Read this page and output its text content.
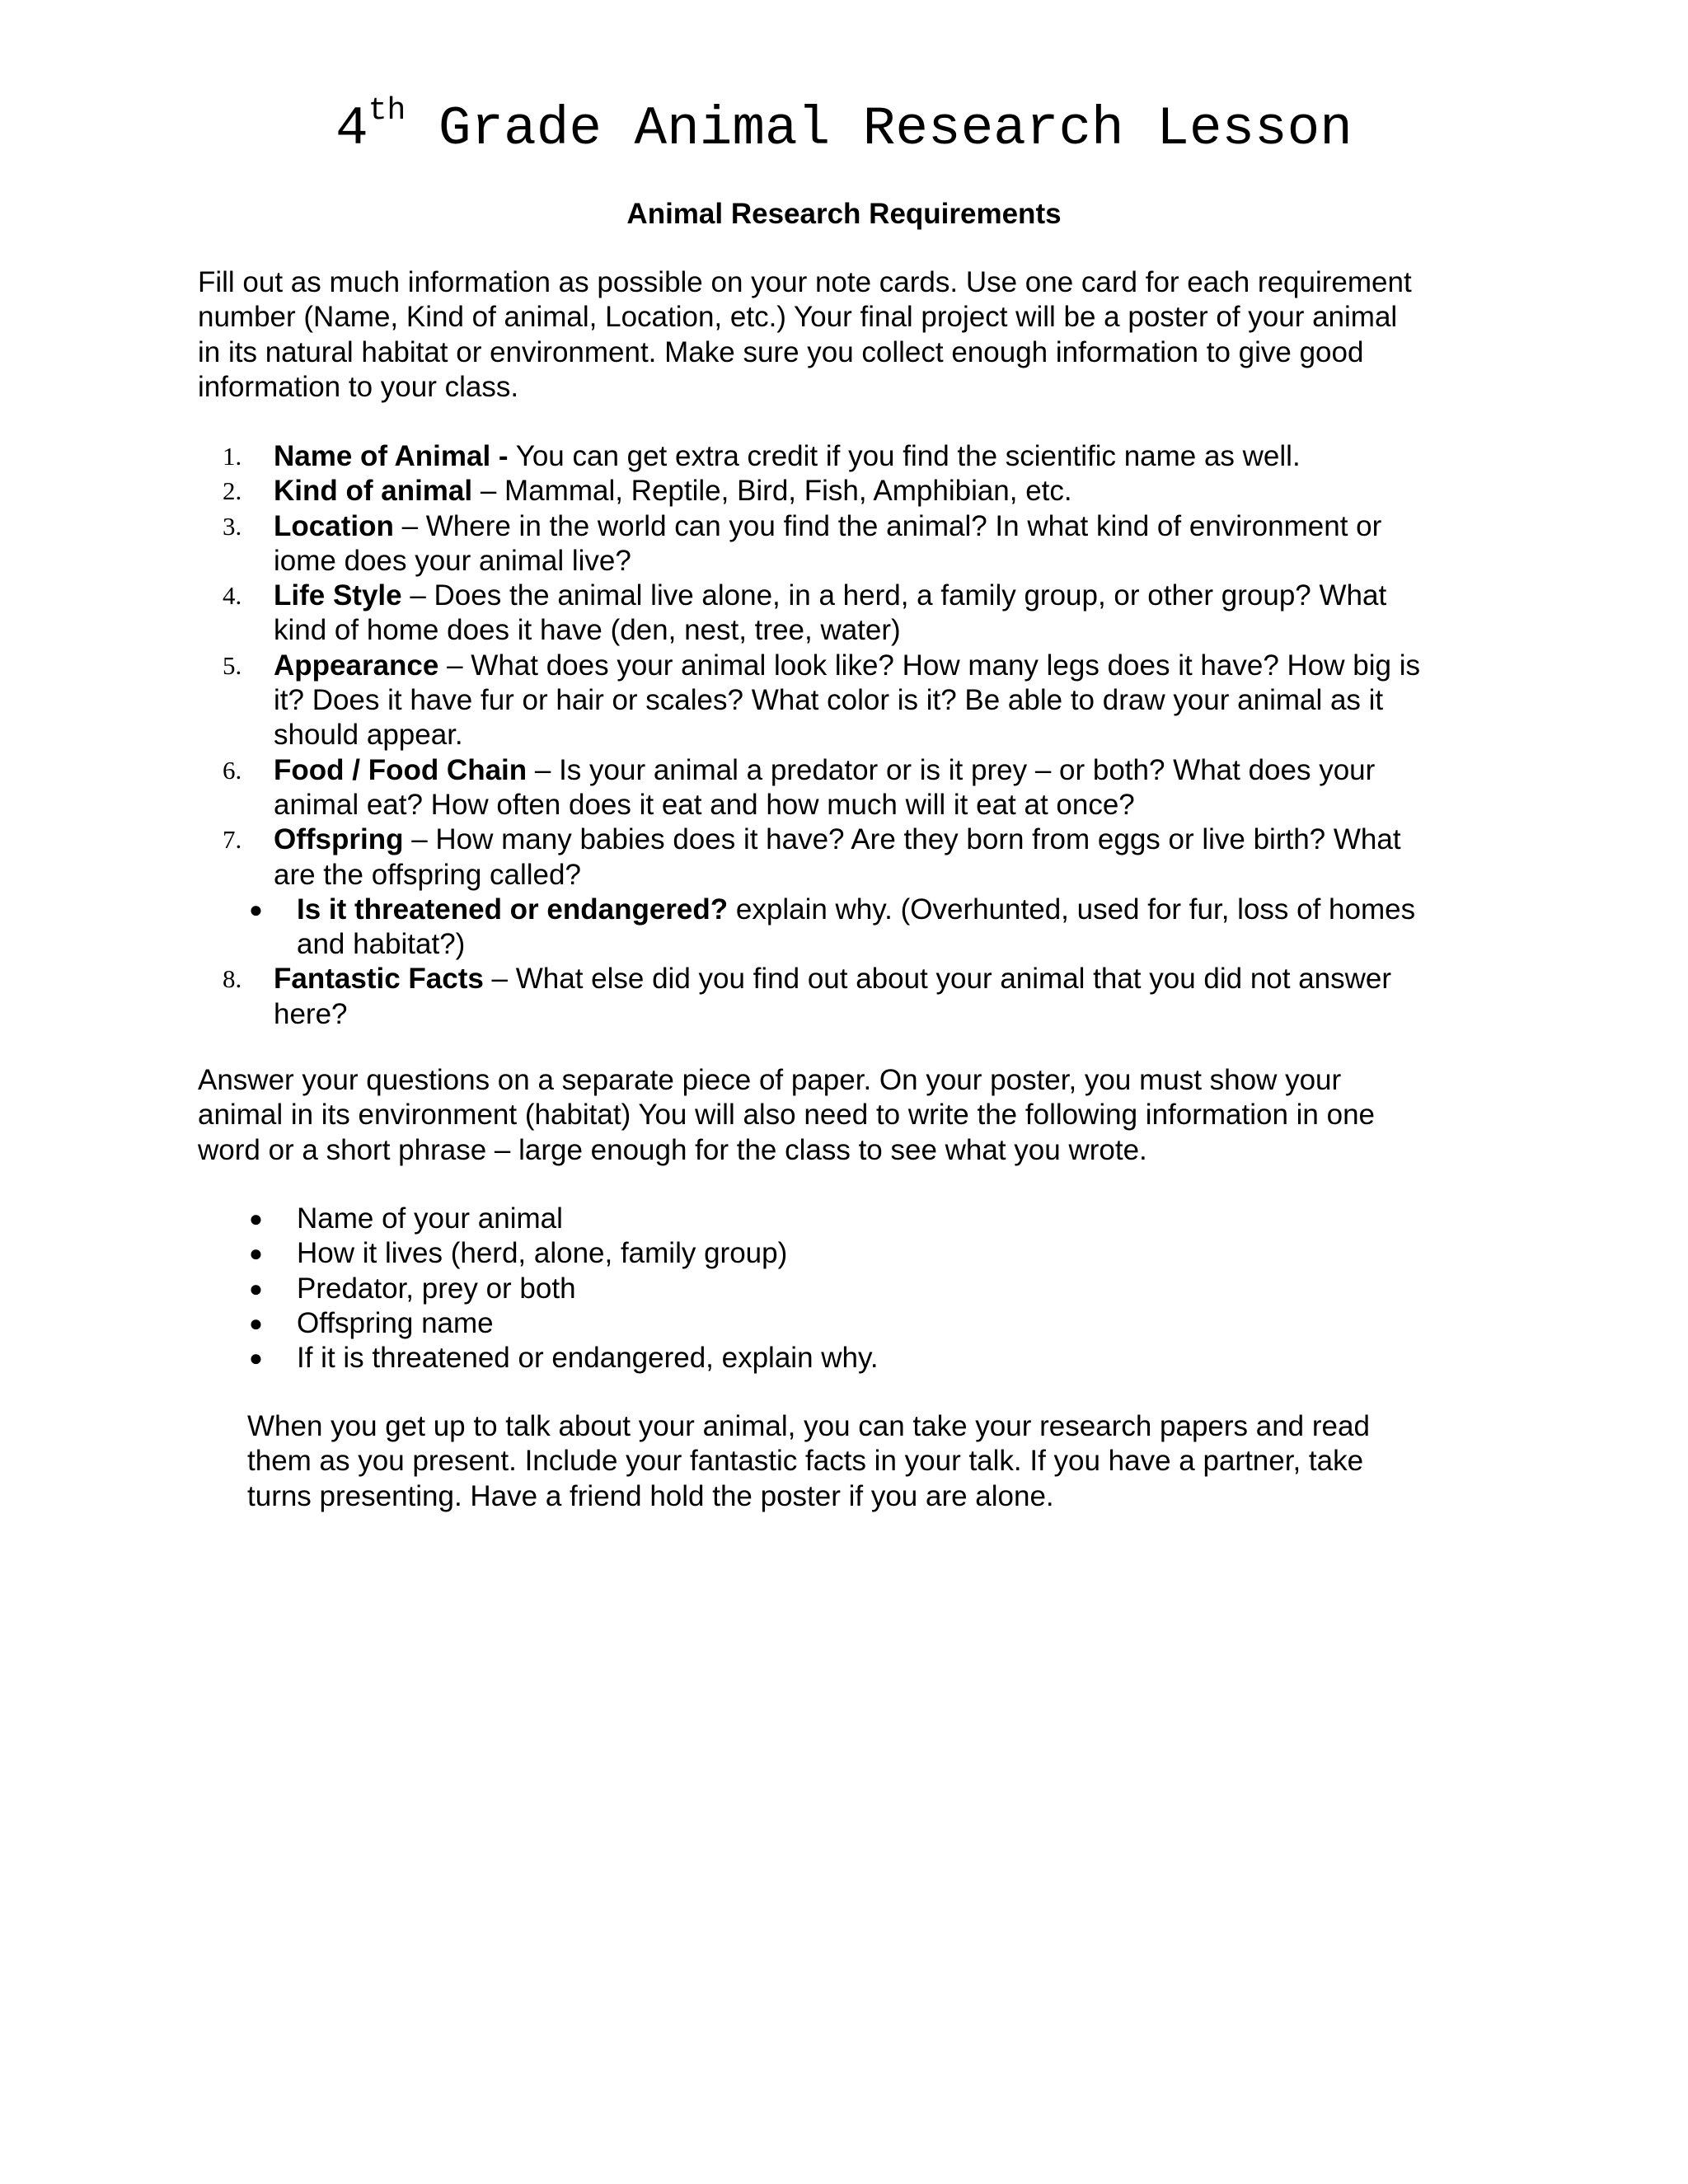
4th Grade Animal Research Lesson
Animal Research Requirements
Fill out as much information as possible on your note cards. Use one card for each requirement
number (Name, Kind of animal, Location, etc.) Your final project will be a poster of your animal
in its natural habitat or environment. Make sure you collect enough information to give good
information to your class.
1. Name of Animal - You can get extra credit if you find the scientific name as well.
2. Kind of animal – Mammal, Reptile, Bird, Fish, Amphibian, etc.
3. Location – Where in the world can you find the animal? In what kind of environment or
iome does your animal live?
4. Life Style – Does the animal live alone, in a herd, a family group, or other group? What
kind of home does it have (den, nest, tree, water)
5. Appearance – What does your animal look like? How many legs does it have? How big is
it? Does it have fur or hair or scales? What color is it? Be able to draw your animal as it
should appear.
6. Food / Food Chain – Is your animal a predator or is it prey – or both? What does your
animal eat? How often does it eat and how much will it eat at once?
7. Offspring – How many babies does it have? Are they born from eggs or live birth? What
are the offspring called?
● Is it threatened or endangered? explain why. (Overhunted, used for fur, loss of homes
and habitat?)
8. Fantastic Facts – What else did you find out about your animal that you did not answer
here?
Answer your questions on a separate piece of paper. On your poster, you must show your
animal in its environment (habitat) You will also need to write the following information in one
word or a short phrase – large enough for the class to see what you wrote.
● Name of your animal
● How it lives (herd, alone, family group)
● Predator, prey or both
● Offspring name
● If it is threatened or endangered, explain why.
When you get up to talk about your animal, you can take your research papers and read
them as you present. Include your fantastic facts in your talk. If you have a partner, take
turns presenting. Have a friend hold the poster if you are alone.
